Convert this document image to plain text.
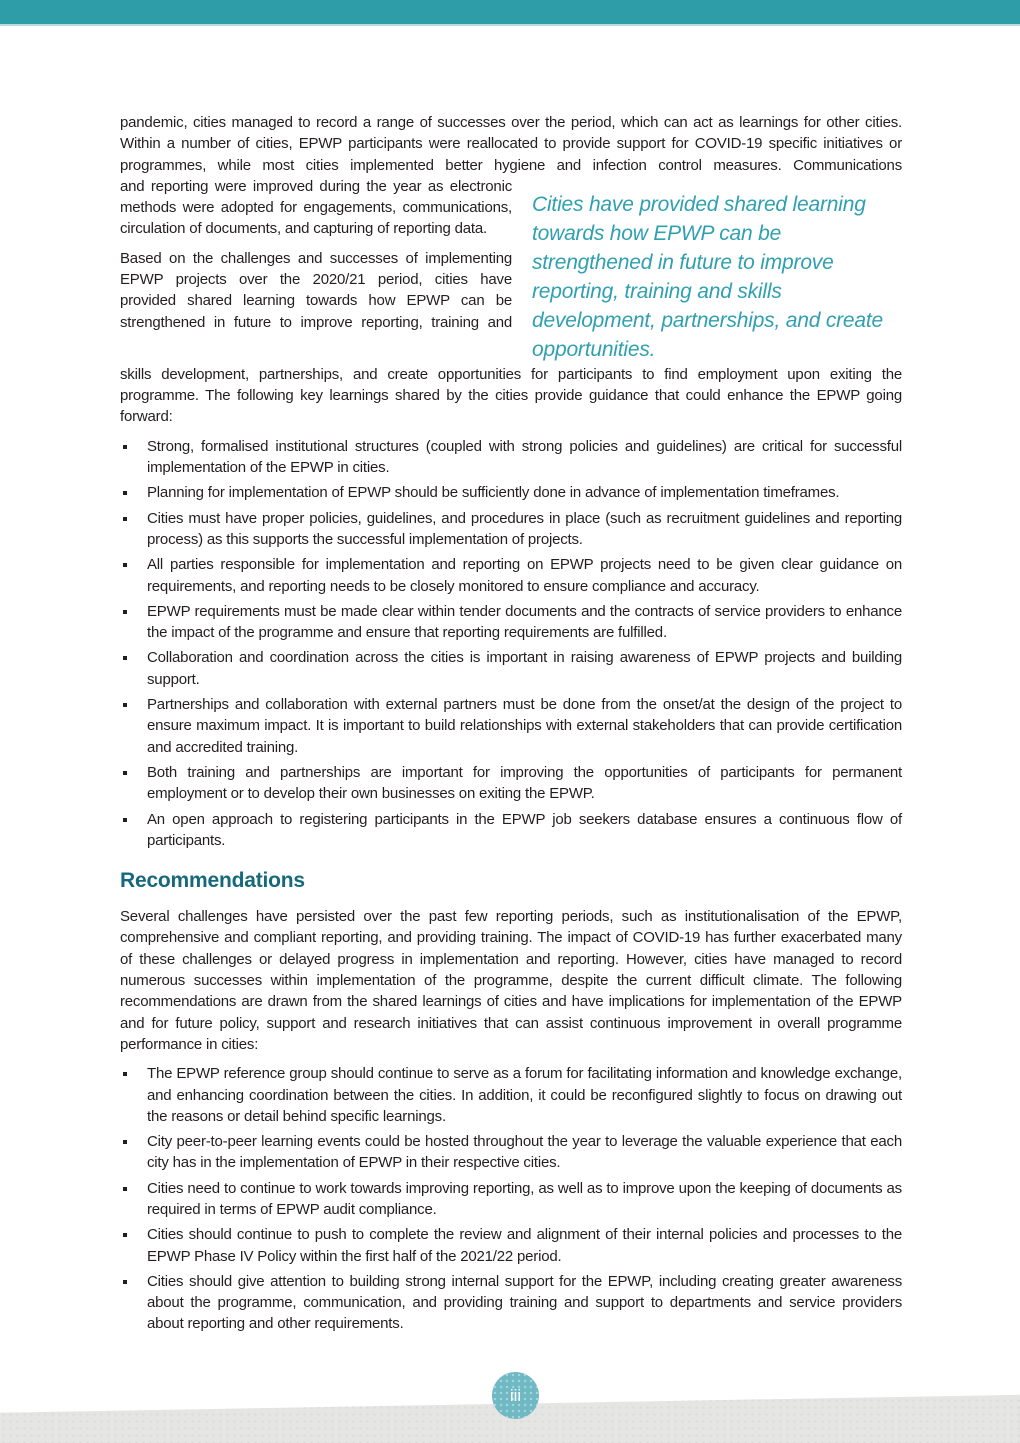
pandemic, cities managed to record a range of successes over the period, which can act as learnings for other cities. Within a number of cities, EPWP participants were reallocated to provide support for COVID-19 specific initiatives or programmes, while most cities implemented better hygiene and infection control measures. Communications

and reporting were improved during the year as electronic methods were adopted for engagements, communications, circulation of documents, and capturing of reporting data.

Based on the challenges and successes of implementing EPWP projects over the 2020/21 period, cities have provided shared learning towards how EPWP can be strengthened in future to improve reporting, training and

Cities have provided shared learning towards how EPWP can be strengthened in future to improve reporting, training and skills development, partnerships, and create opportunities.

skills development, partnerships, and create opportunities for participants to find employment upon exiting the programme. The following key learnings shared by the cities provide guidance that could enhance the EPWP going forward:

Strong, formalised institutional structures (coupled with strong policies and guidelines) are critical for successful implementation of the EPWP in cities.
Planning for implementation of EPWP should be sufficiently done in advance of implementation timeframes.
Cities must have proper policies, guidelines, and procedures in place (such as recruitment guidelines and reporting process) as this supports the successful implementation of projects.
All parties responsible for implementation and reporting on EPWP projects need to be given clear guidance on requirements, and reporting needs to be closely monitored to ensure compliance and accuracy.
EPWP requirements must be made clear within tender documents and the contracts of service providers to enhance the impact of the programme and ensure that reporting requirements are fulfilled.
Collaboration and coordination across the cities is important in raising awareness of EPWP projects and building support.
Partnerships and collaboration with external partners must be done from the onset/at the design of the project to ensure maximum impact. It is important to build relationships with external stakeholders that can provide certification and accredited training.
Both training and partnerships are important for improving the opportunities of participants for permanent employment or to develop their own businesses on exiting the EPWP.
An open approach to registering participants in the EPWP job seekers database ensures a continuous flow of participants.
Recommendations

Several challenges have persisted over the past few reporting periods, such as institutionalisation of the EPWP, comprehensive and compliant reporting, and providing training. The impact of COVID-19 has further exacerbated many of these challenges or delayed progress in implementation and reporting. However, cities have managed to record numerous successes within implementation of the programme, despite the current difficult climate. The following recommendations are drawn from the shared learnings of cities and have implications for implementation of the EPWP and for future policy, support and research initiatives that can assist continuous improvement in overall programme performance in cities:

The EPWP reference group should continue to serve as a forum for facilitating information and knowledge exchange, and enhancing coordination between the cities. In addition, it could be reconfigured slightly to focus on drawing out the reasons or detail behind specific learnings.
City peer-to-peer learning events could be hosted throughout the year to leverage the valuable experience that each city has in the implementation of EPWP in their respective cities.
Cities need to continue to work towards improving reporting, as well as to improve upon the keeping of documents as required in terms of EPWP audit compliance.
Cities should continue to push to complete the review and alignment of their internal policies and processes to the EPWP Phase IV Policy within the first half of the 2021/22 period.
Cities should give attention to building strong internal support for the EPWP, including creating greater awareness about the programme, communication, and providing training and support to departments and service providers about reporting and other requirements.
iii
